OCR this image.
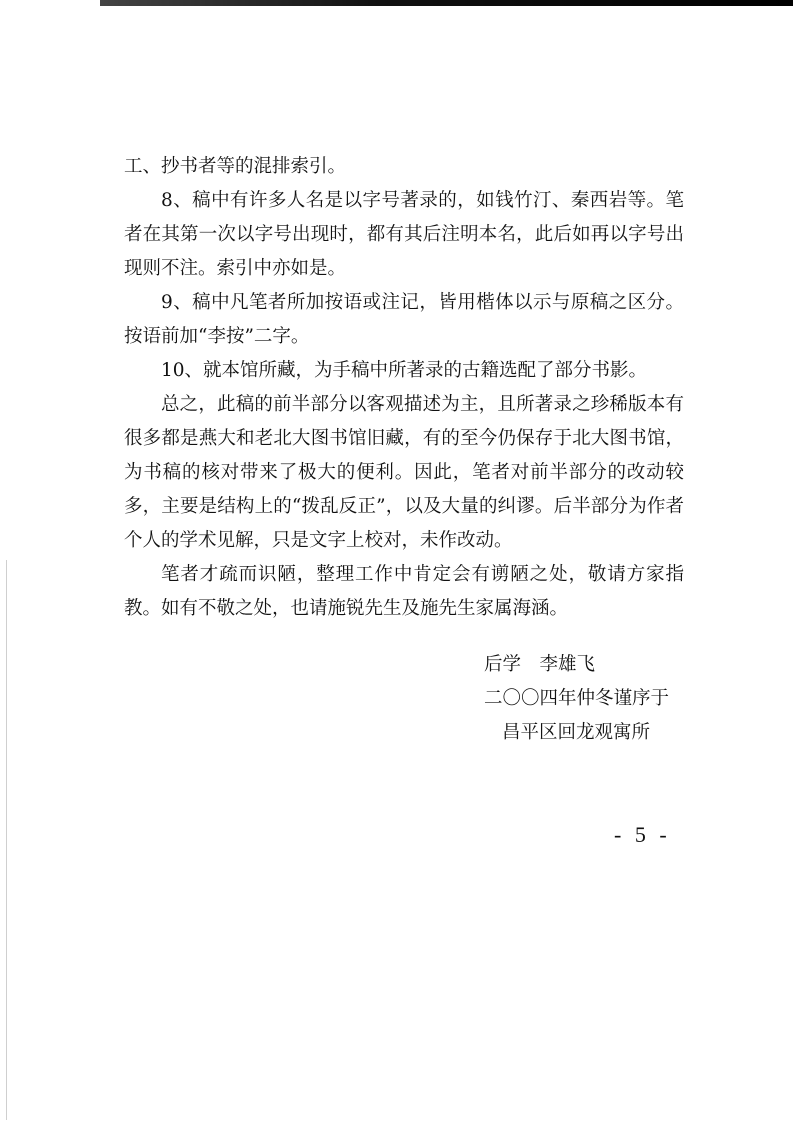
工、抄书者等的混排索引。

8、稿中有许多人名是以字号著录的，如钱竹汀、秦西岩等。笔者在其第一次以字号出现时，都有其后注明本名，此后如再以字号出现则不注。索引中亦如是。

9、稿中凡笔者所加按语或注记，皆用楷体以示与原稿之区分。按语前加“李按”二字。

10、就本馆所藏，为手稿中所著录的古籍选配了部分书影。

总之，此稿的前半部分以客观描述为主，且所著录之珍稀版本有很多都是燕大和老北大图书馆旧藏，有的至今仍保存于北大图书馆，为书稿的核对带来了极大的便利。因此，笔者对前半部分的改动较多，主要是结构上的“拨乱反正”，以及大量的纠谬。后半部分为作者个人的学术见解，只是文字上校对，未作改动。

笔者才疏而识陋，整理工作中肯定会有谫陋之处，敬请方家指教。如有不敬之处，也请施锐先生及施先生家属海涵。

后学　李雄飞
二〇〇四年仲冬谨序于
昌平区回龙观寓所
- 5 -
